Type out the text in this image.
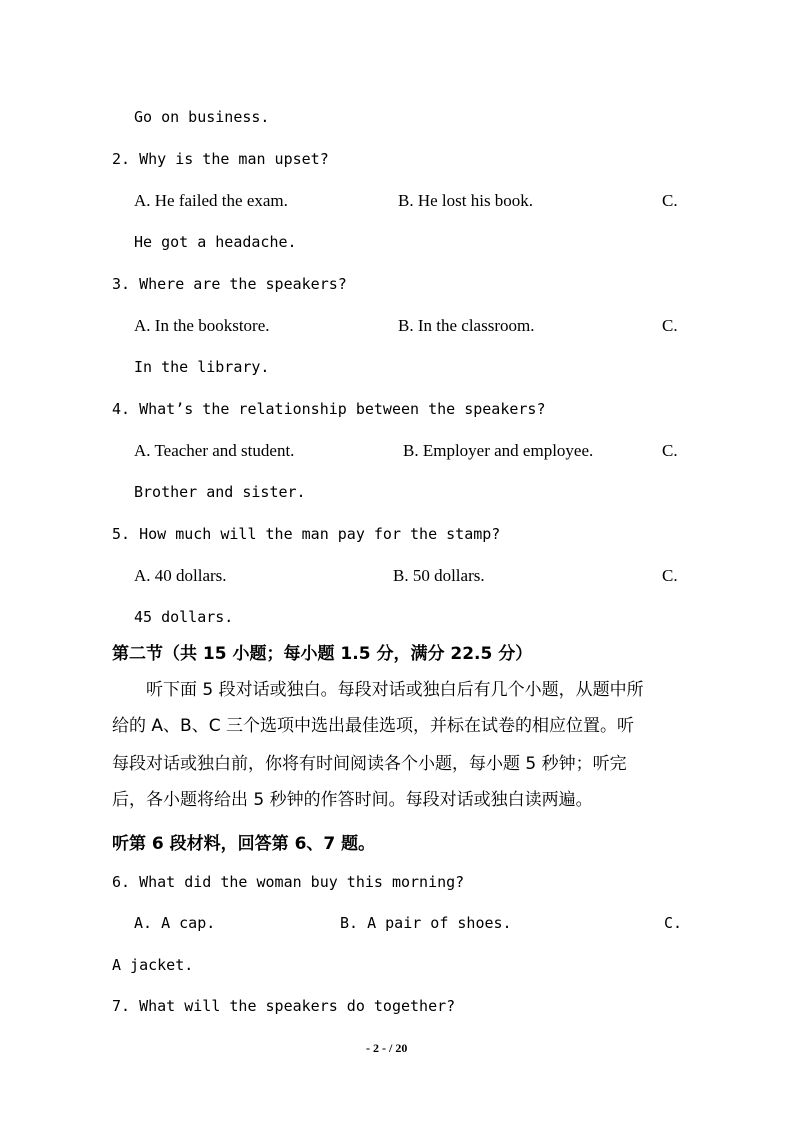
Go on business.
2. Why is the man upset?
A. He failed the exam.	B. He lost his book.	C.
He got a headache.
3. Where are the speakers?
A. In the bookstore.	B. In the classroom.	C.
In the library.
4. What’s the relationship between the speakers?
A. Teacher and student.	B. Employer and employee.	C.
Brother and sister.
5. How much will the man pay for the stamp?
A. 40 dollars.	B. 50 dollars.	C.
45 dollars.
第二节（共 15 小题；每小题 1.5 分，满分 22.5 分）
听下面 5 段对话或独白。每段对话或独白后有几个小题，从题中所
给的 A、B、C 三个选项中选出最佳选项，并标在试卷的相应位置。听
每段对话或独白前，你将有时间阅读各个小题，每小题 5 秒钟；听完
后，各小题将给出 5 秒钟的作答时间。每段对话或独白读两遍。
听第 6 段材料，回答第 6、7 题。
6. What did the woman buy this morning?
A. A cap.	B. A pair of shoes.	C.
A jacket.
7. What will the speakers do together?
- 2 - / 20
